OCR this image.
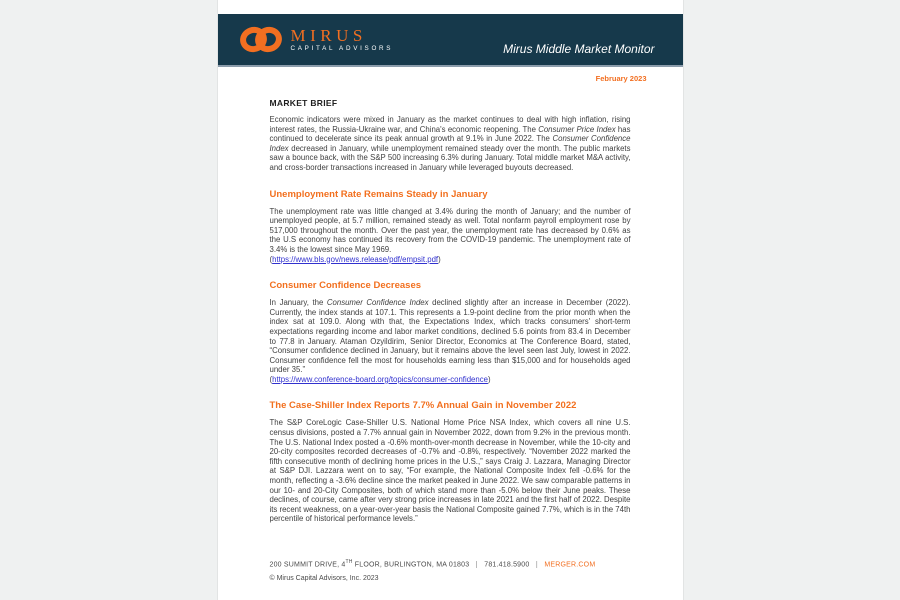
MIRUS
CAPITAL ADVISORS	Mirus Middle Market Monitor
February 2023
MARKET BRIEF

Economic indicators were mixed in January as the market continues to deal with high inflation, rising interest rates, the Russia-Ukraine war, and China's economic reopening. The Consumer Price Index has continued to decelerate since its peak annual growth at 9.1% in June 2022. The Consumer Confidence Index decreased in January, while unemployment remained steady over the month. The public markets saw a bounce back, with the S&P 500 increasing 6.3% during January. Total middle market M&A activity, and cross-border transactions increased in January while leveraged buyouts decreased.

Unemployment Rate Remains Steady in January

The unemployment rate was little changed at 3.4% during the month of January; and the number of unemployed people, at 5.7 million, remained steady as well. Total nonfarm payroll employment rose by 517,000 throughout the month. Over the past year, the unemployment rate has decreased by 0.6% as the U.S economy has continued its recovery from the COVID-19 pandemic. The unemployment rate of 3.4% is the lowest since May 1969.

(https://www.bls.gov/news.release/pdf/empsit.pdf)

Consumer Confidence Decreases

In January, the Consumer Confidence Index declined slightly after an increase in December (2022). Currently, the index stands at 107.1. This represents a 1.9-point decline from the prior month when the index sat at 109.0. Along with that, the Expectations Index, which tracks consumers' short-term expectations regarding income and labor market conditions, declined 5.6 points from 83.4 in December to 77.8 in January. Ataman Ozyildirim, Senior Director, Economics at The Conference Board, stated, “Consumer confidence declined in January, but it remains above the level seen last July, lowest in 2022. Consumer confidence fell the most for households earning less than $15,000 and for households aged under 35.”

(https://www.conference-board.org/topics/consumer-confidence)

The Case-Shiller Index Reports 7.7% Annual Gain in November 2022

The S&P CoreLogic Case-Shiller U.S. National Home Price NSA Index, which covers all nine U.S. census divisions, posted a 7.7% annual gain in November 2022, down from 9.2% in the previous month. The U.S. National Index posted a -0.6% month-over-month decrease in November, while the 10-city and 20-city composites recorded decreases of -0.7% and -0.8%, respectively. “November 2022 marked the fifth consecutive month of declining home prices in the U.S.,” says Craig J. Lazzara, Managing Director at S&P DJI. Lazzara went on to say, “For example, the National Composite Index fell -0.6% for the month, reflecting a -3.6% decline since the market peaked in June 2022. We saw comparable patterns in our 10- and 20-City Composites, both of which stand more than -5.0% below their June peaks. These declines, of course, came after very strong price increases in late 2021 and the first half of 2022. Despite its recent weakness, on a year-over-year basis the National Composite gained 7.7%, which is in the 74th percentile of historical performance levels.”

200 SUMMIT DRIVE, 4TH FLOOR, BURLINGTON, MA 01803   |   781.418.5900   |   MERGER.COM
© Mirus Capital Advisors, Inc. 2023
